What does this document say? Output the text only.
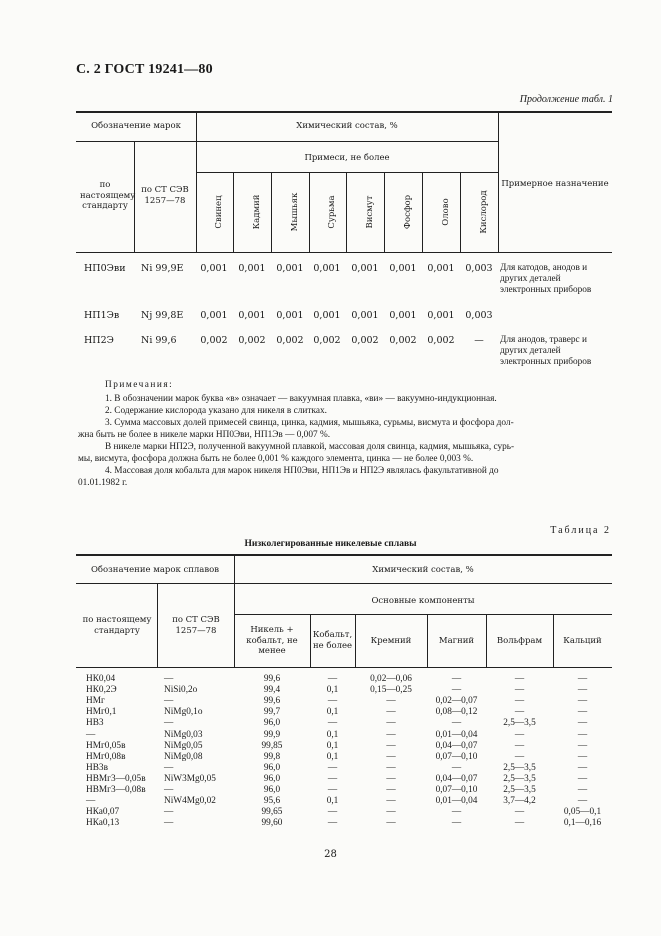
С. 2 ГОСТ 19241—80
Продолжение табл. 1
Обозначение марок	Химический состав, %
Примеси, не более
по настоящему стандарту
по СТ СЭВ 1257—78
Примерное назначение
Свинец	Кадмий	Мышьяк	Сурьма	Висмут	Фосфор	Олово	Кислород
НП0Эви Ni 99,9E	0,001	0,001	0,001	0,001	0,001	0,001	0,001	0,003 Для катодов, анодов и других деталей электронных приборов
НП1Эв Nj 99,8E	0,001	0,001	0,001	0,001	0,001	0,001	0,001	0,003
НП2Э	Ni 99,6	0,002	0,002	0,002	0,002	0,002	0,002	0,002	—	Для анодов, траверс и других деталей электронных приборов
Примечания:
1. В обозначении марок буква «в» означает — вакуумная плавка, «ви» — вакуумно-индукционная.
2. Содержание кислорода указано для никеля в слитках.
3. Сумма массовых долей примесей свинца, цинка, кадмия, мышьяка, сурьмы, висмута и фосфора дол-
жна быть не более в никеле марки НП0Эви, НП1Эв — 0,007 %.
В никеле марки НП2Э, полученной вакуумной плавкой, массовая доля свинца, кадмия, мышьяка, сурь-
мы, висмута, фосфора должна быть не более 0,001 % каждого элемента, цинка — не более 0,003 %.
4. Массовая доля кобальта для марок никеля НП0Эви, НП1Эв и НП2Э являлась факультативной до
01.01.1982 г.
Таблица 2
Низколегированные никелевые сплавы
Обозначение марок сплавов	Химический состав, %
Основные компоненты
по настоящему стандарту
по СТ СЭВ 1257—78	Никель + кобальт, не менее
Кобальт, не более	Кремний	Магний	Вольфрам	Кальций
НК0,04	—	99,6	—	0,02—0,06	—	—	—
НК0,2Э	NiSi0,2o	99,4	0,1	0,15—0,25	—	—	—
НМг	—	99,6	—	—	0,02—0,07	—	—
НМг0,1	NiMg0,1o	99,7	0,1	—	0,08—0,12	—	—
НВ3	—	96,0	—	—	—	2,5—3,5	—
—	NiMg0,03	99,9	0,1	—	0,01—0,04	—	—
НМг0,05в	NiMg0,05	99,85	0,1	—	0,04—0,07	—	—
НМг0,08в	NiMg0,08	99,8	0,1	—	0,07—0,10	—	—
НВ3в	—	96,0	—	—	—	2,5—3,5	—
НВМг3—0,05в	NiW3Mg0,05	96,0	—	—	0,04—0,07	2,5—3,5	—
НВМг3—0,08в	—	96,0	—	—	0,07—0,10	2,5—3,5	—
—	NiW4Mg0,02	95,6	0,1	—	0,01—0,04	3,7—4,2	—
НКа0,07	—	99,65	—	—	—	—	0,05—0,1
НКа0,13	—	99,60	—	—	—	—	0,1—0,16
28
